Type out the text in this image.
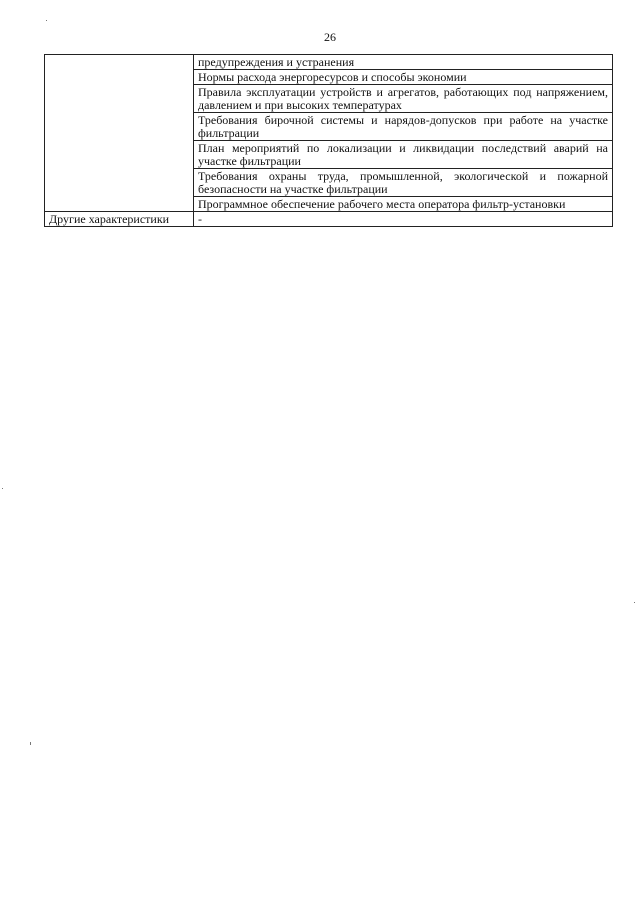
26
	предупреждения и устранения
	Нормы расхода энергоресурсов и способы экономии
	Правила эксплуатации устройств и агрегатов, работающих под напряжением, давлением и при высоких температурах
	Требования бирочной системы и нарядов-допусков при работе на участке фильтрации
	План мероприятий по локализации и ликвидации последствий аварий на участке фильтрации
	Требования охраны труда, промышленной, экологической и пожарной безопасности на участке фильтрации
	Программное обеспечение рабочего места оператора фильтр-установки
Другие характеристики	-
